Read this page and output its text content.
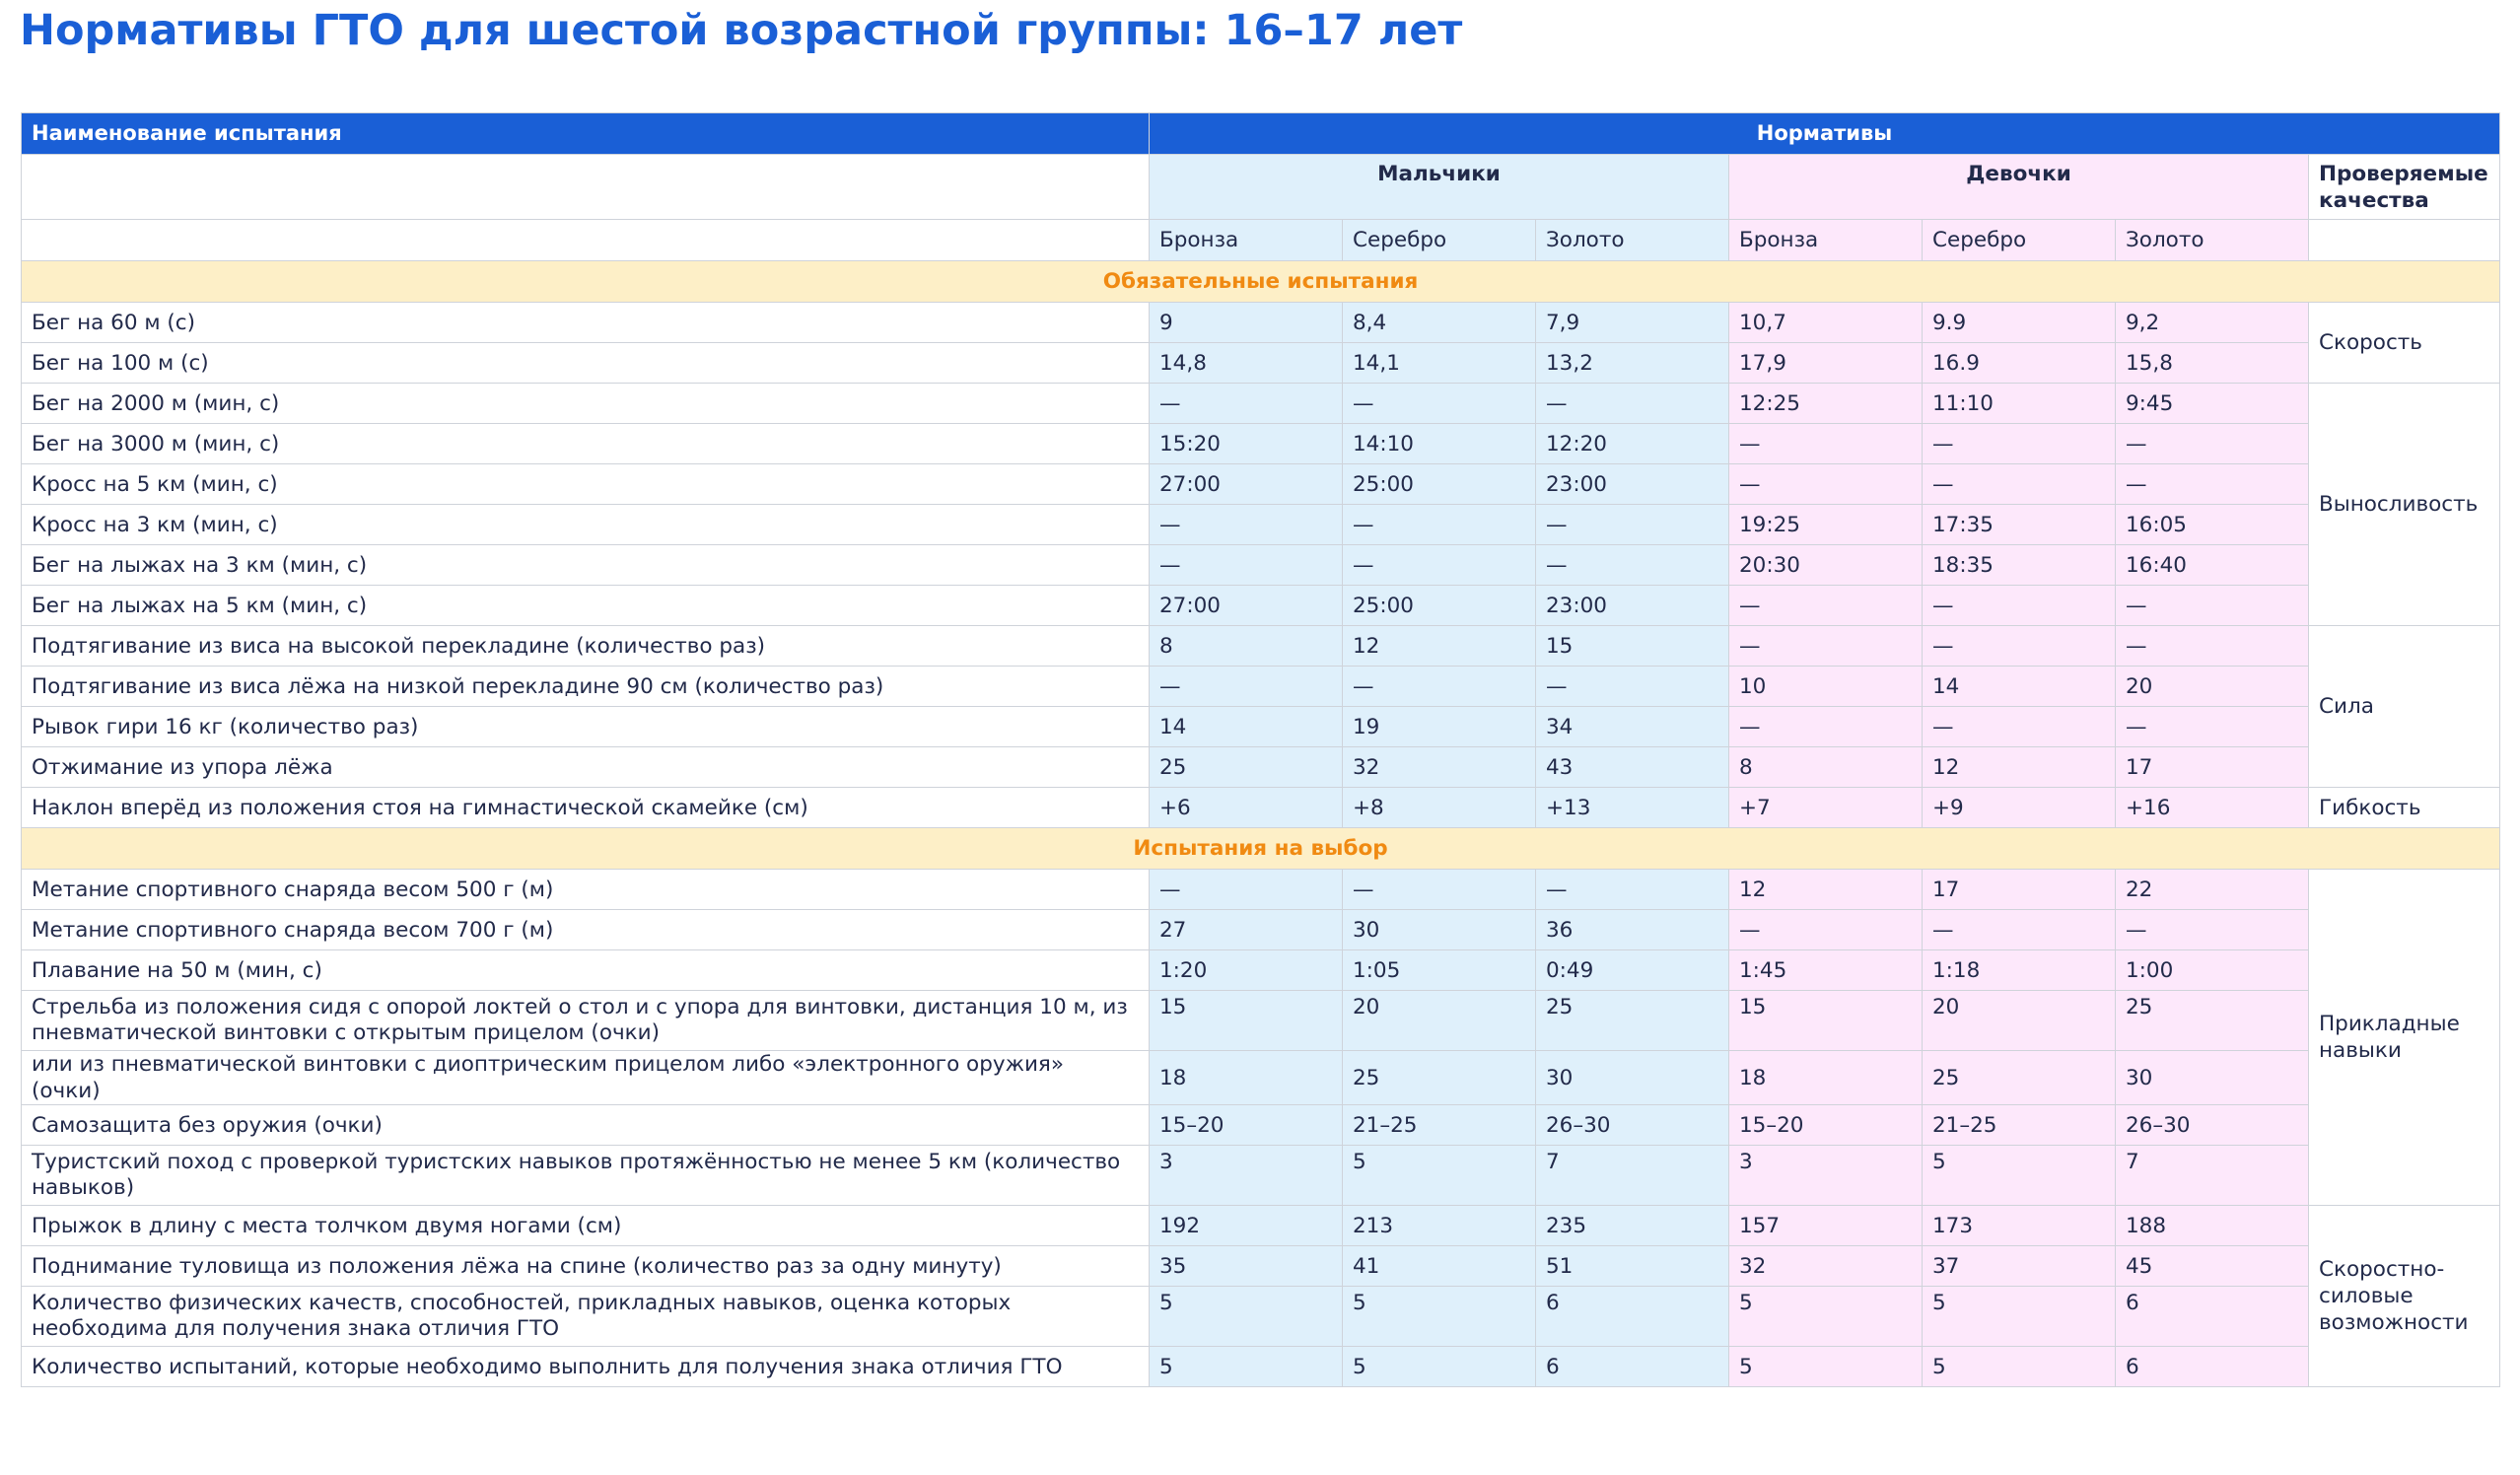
Нормативы ГТО для шестой возрастной группы: 16–17 лет
Наименование испытания	Нормативы						
	Мальчики			Девочки			Проверяемые качества
	Бронза	Серебро	Золото	Бронза	Серебро	Золото	
Обязательные испытания							
Бег на 60 м (с)	9	8,4	7,9	10,7	9.9	9,2	Скорость
Бег на 100 м (с)	14,8	14,1	13,2	17,9	16.9	15,8	
Бег на 2000 м (мин, с)	—	—	—	12:25	11:10	9:45	Выносливость
Бег на 3000 м (мин, с)	15:20	14:10	12:20	—	—	—	
Кросс на 5 км (мин, с)	27:00	25:00	23:00	—	—	—	
Кросс на 3 км (мин, с)	—	—	—	19:25	17:35	16:05	
Бег на лыжах на 3 км (мин, с)	—	—	—	20:30	18:35	16:40	
Бег на лыжах на 5 км (мин, с)	27:00	25:00	23:00	—	—	—	
Подтягивание из виса на высокой перекладине (количество раз)	8	12	15	—	—	—	Сила
Подтягивание из виса лёжа на низкой перекладине 90 см (количество раз)	—	—	—	10	14	20	
Рывок гири 16 кг (количество раз)	14	19	34	—	—	—	
Отжимание из упора лёжа	25	32	43	8	12	17	
Наклон вперёд из положения стоя на гимнастической скамейке (см)	+6	+8	+13	+7	+9	+16	Гибкость
Испытания на выбор							
Метание спортивного снаряда весом 500 г (м)	—	—	—	12	17	22	Прикладные навыки
Метание спортивного снаряда весом 700 г (м)	27	30	36	—	—	—	
Плавание на 50 м (мин, с)	1:20	1:05	0:49	1:45	1:18	1:00	
Стрельба из положения сидя с опорой локтей о стол и с упора для винтовки, дистанция 10 м, из пневматической винтовки с открытым прицелом (очки)	15	20	25	15	20	25	
или из пневматической винтовки с диоптрическим прицелом либо «электронного оружия» (очки)	18	25	30	18	25	30	
Самозащита без оружия (очки)	15–20	21–25	26–30	15–20	21–25	26–30	
Туристский поход с проверкой туристских навыков протяжённостью не менее 5 км (количество навыков)	3	5	7	3	5	7	
Прыжок в длину с места толчком двумя ногами (см)	192	213	235	157	173	188	Скоростно-силовые возможности
Поднимание туловища из положения лёжа на спине (количество раз за одну минуту)	35	41	51	32	37	45	
Количество физических качеств, способностей, прикладных навыков, оценка которых необходима для получения знака отличия ГТО	5	5	6	5	5	6	
Количество испытаний, которые необходимо выполнить для получения знака отличия ГТО	5	5	6	5	5	6	
